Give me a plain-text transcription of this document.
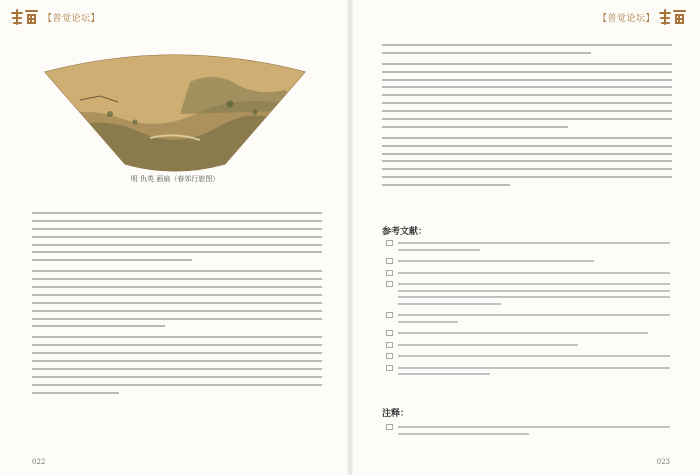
【普觉论坛】
明 仇英 画扇（春郊行旅图）
022
【普觉论坛】
参考文献：
注释：
023
